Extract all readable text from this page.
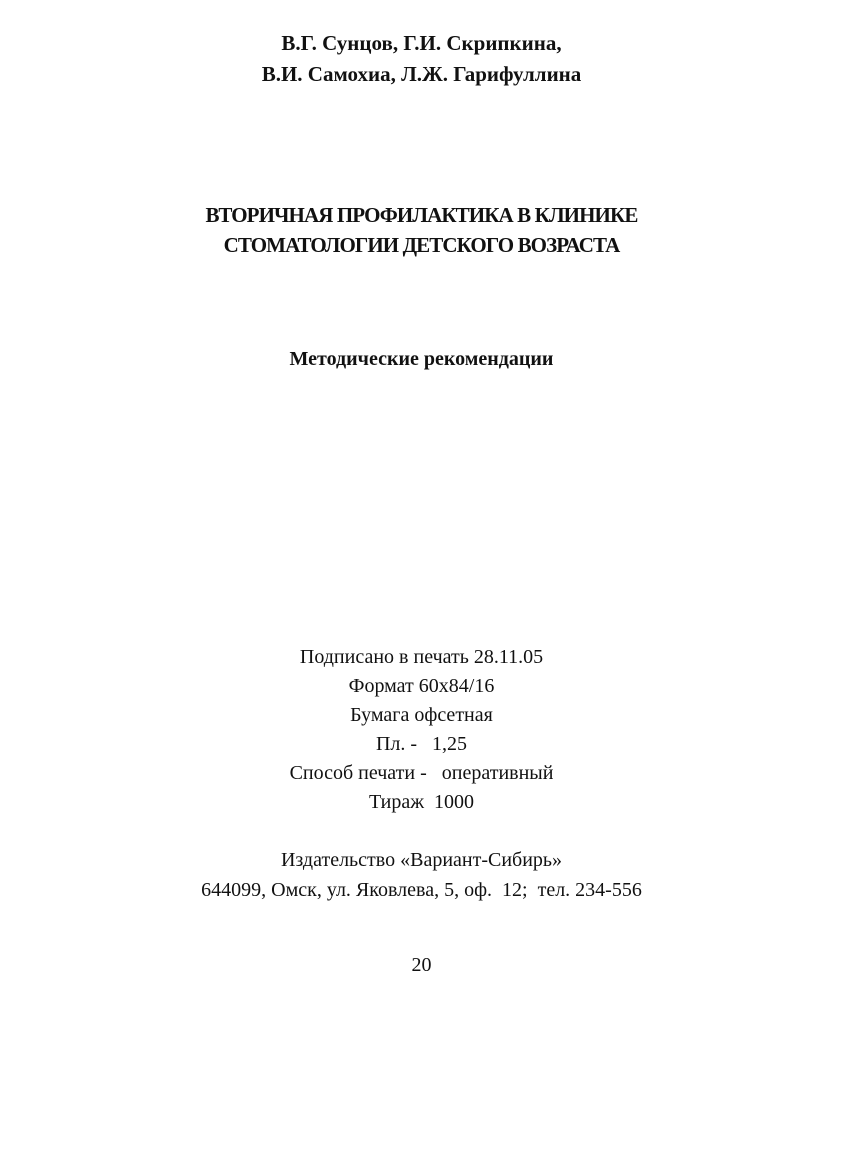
В.Г. Сунцов, Г.И. Скрипкина,
В.И. Самохиа, Л.Ж. Гарифуллина
ВТОРИЧНАЯ ПРОФИЛАКТИКА В КЛИНИКЕ
СТОМАТОЛОГИИ ДЕТСКОГО ВОЗРАСТА
Методические рекомендации
Подписано в печать 28.11.05
Формат 60х84/16
Бумага офсетная
Пл. -   1,25
Способ печати -   оперативный
Тираж  1000
Издательство «Вариант-Сибирь»
644099, Омск, ул. Яковлева, 5, оф.  12;  тел. 234-556
20
